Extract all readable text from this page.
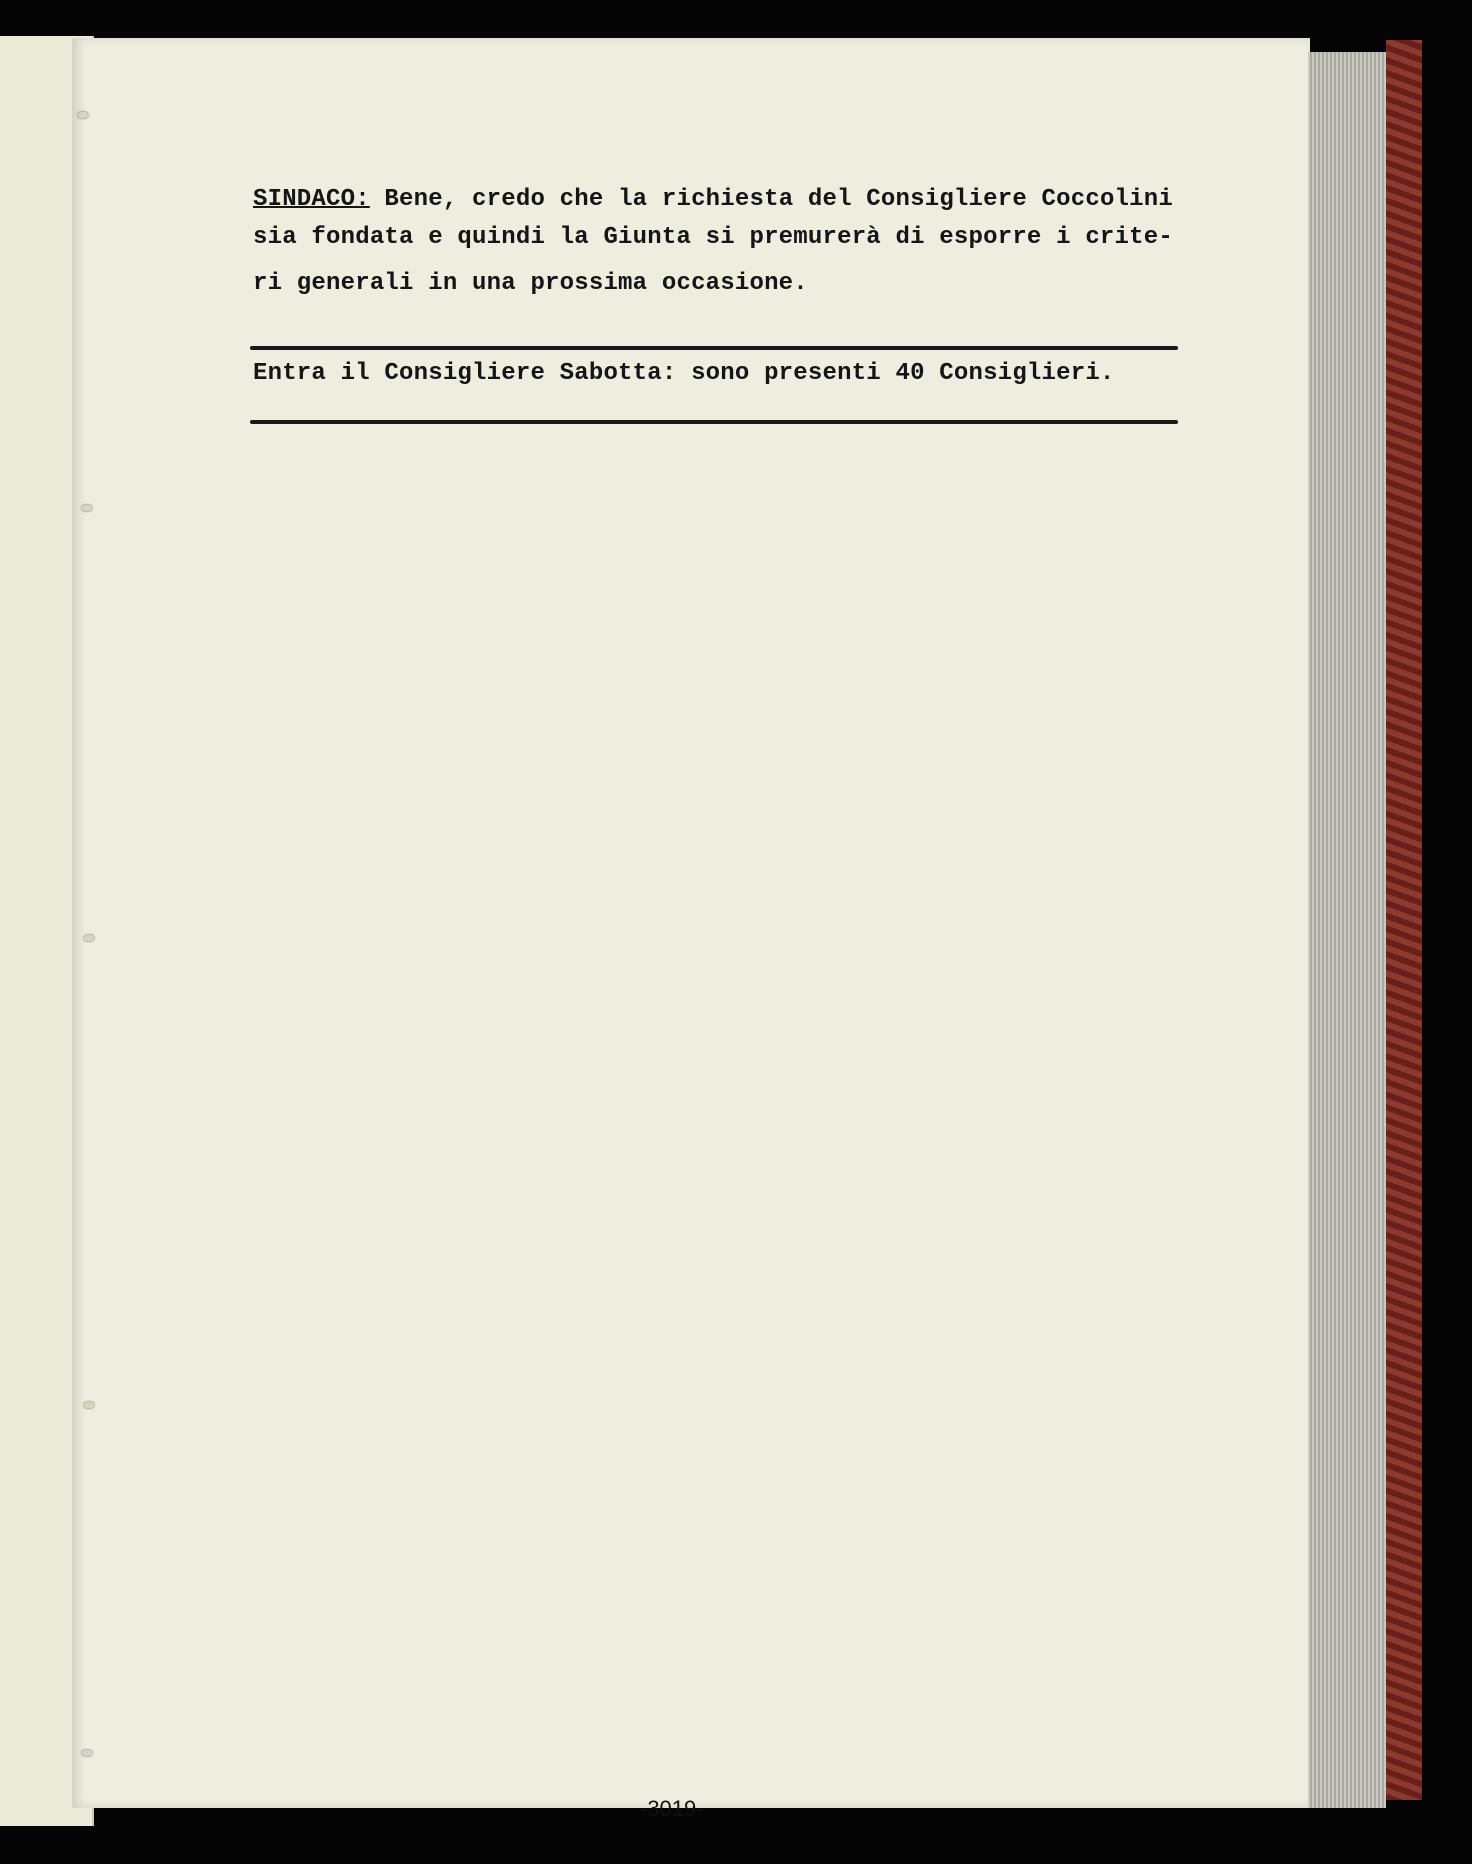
SINDACO: Bene, credo che la richiesta del Consigliere Coccolini
sia fondata e quindi la Giunta si premurerà di esporre i crite-
ri generali in una prossima occasione.
Entra il Consigliere Sabotta: sono presenti 40 Consiglieri.
-3019-
